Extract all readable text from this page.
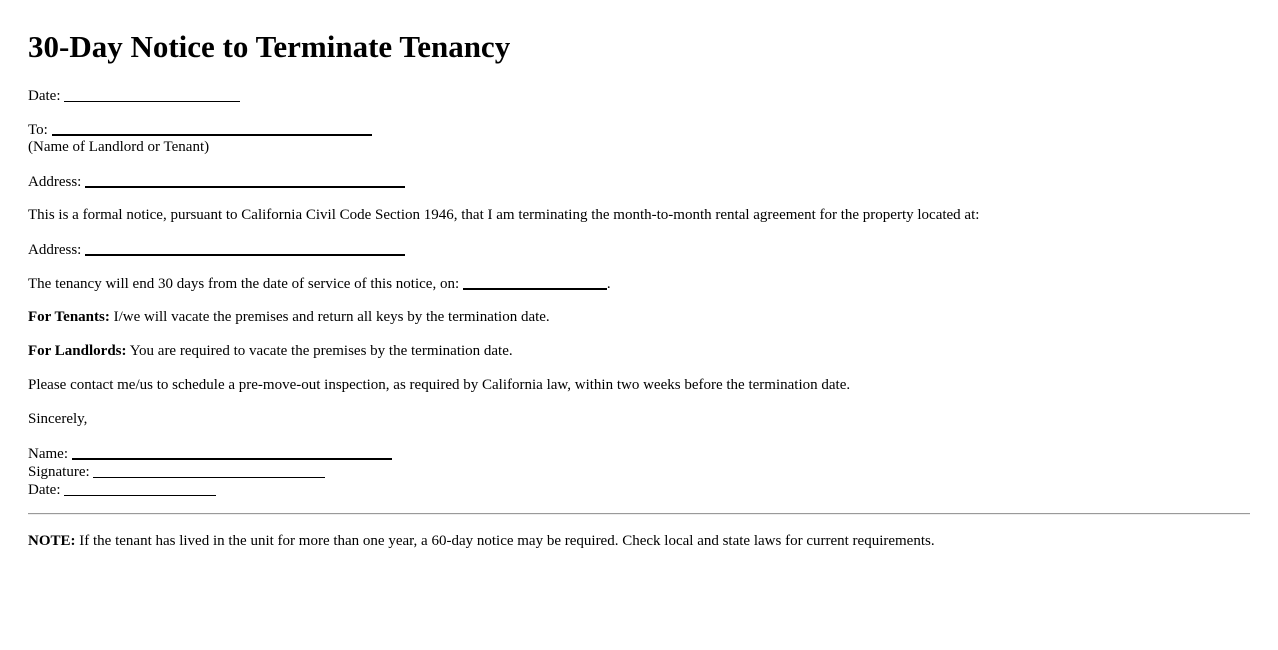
30-Day Notice to Terminate Tenancy
Date:
To:
(Name of Landlord or Tenant)
Address:
This is a formal notice, pursuant to California Civil Code Section 1946, that I am terminating the month-to-month rental agreement for the property located at:
Address:
The tenancy will end 30 days from the date of service of this notice, on:	.
For Tenants: I/we will vacate the premises and return all keys by the termination date.
For Landlords: You are required to vacate the premises by the termination date.
Please contact me/us to schedule a pre-move-out inspection, as required by California law, within two weeks before the termination date.
Sincerely,
Name:
Signature:
Date:
NOTE: If the tenant has lived in the unit for more than one year, a 60-day notice may be required. Check local and state laws for current requirements.
